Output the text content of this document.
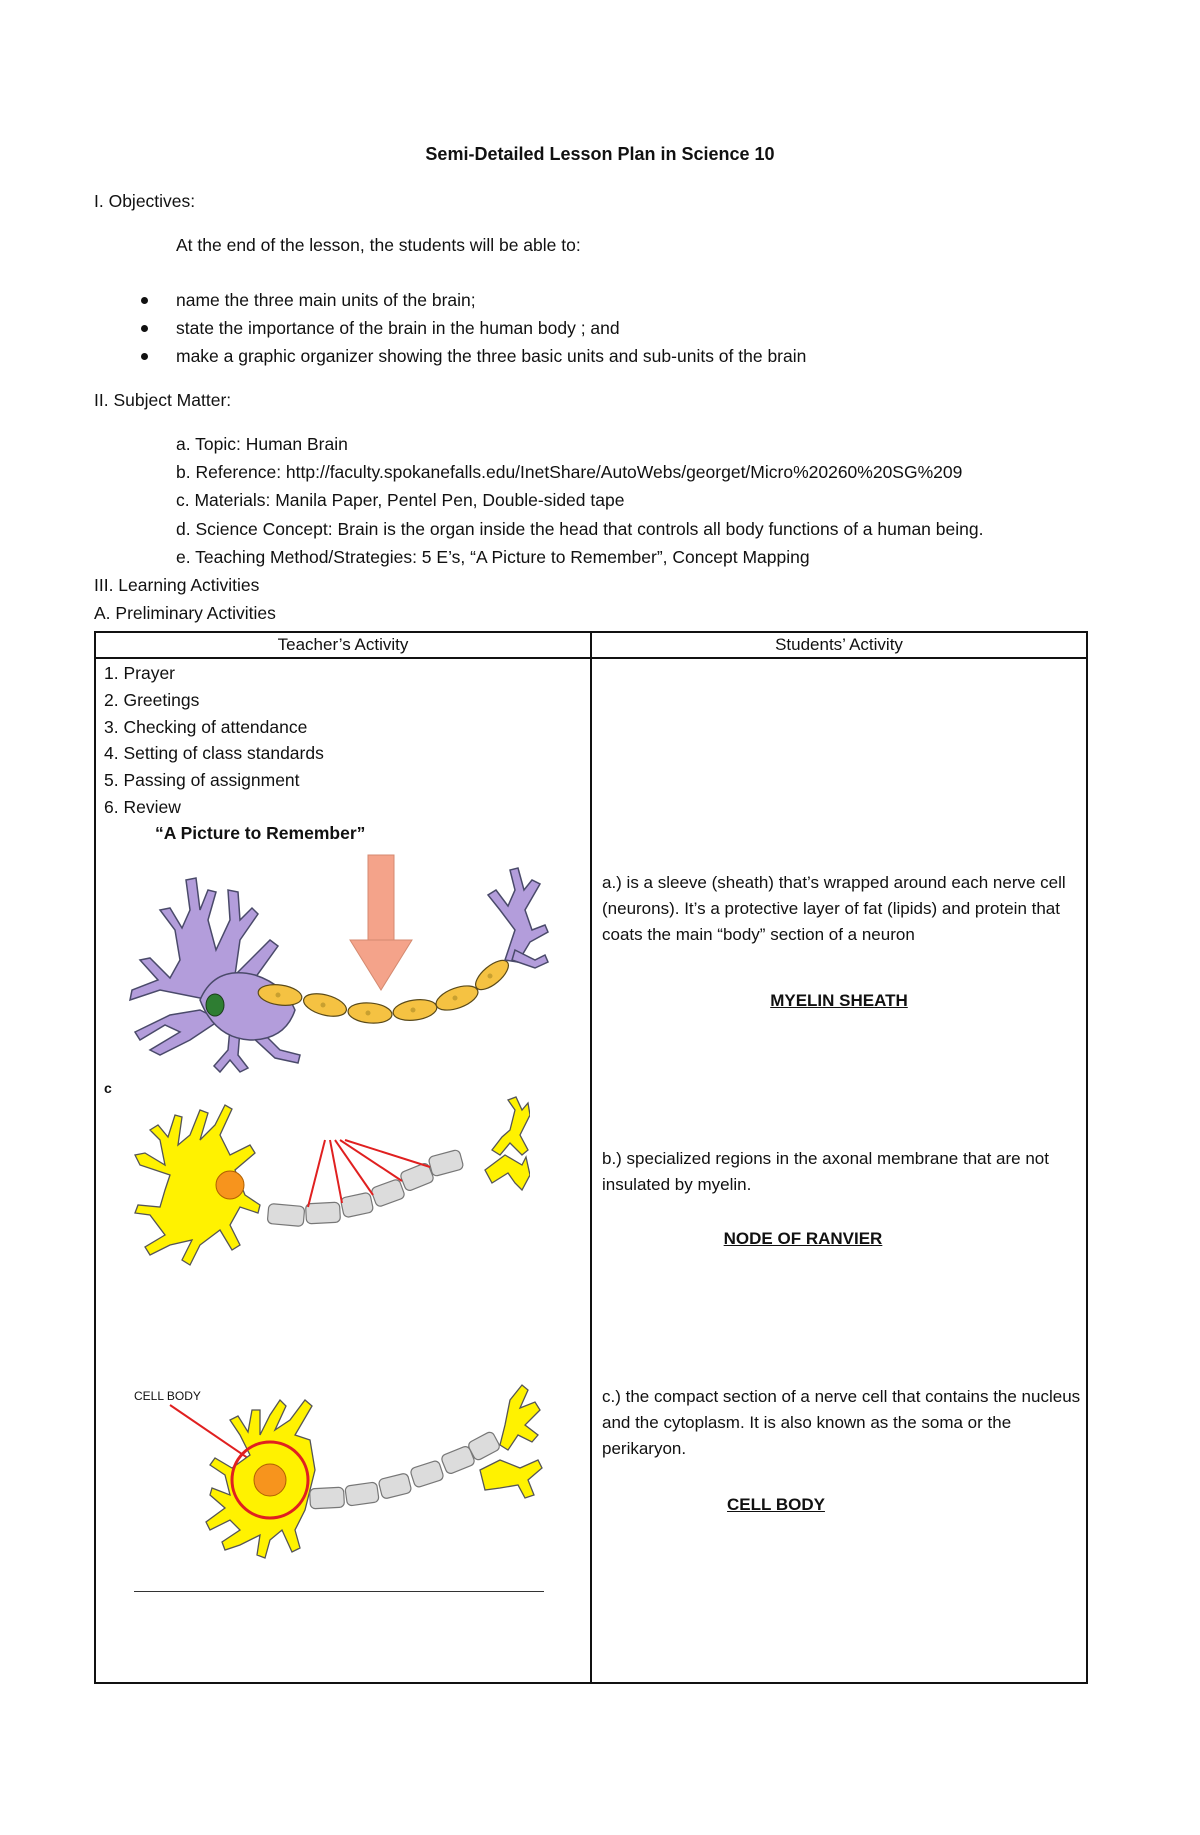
Semi-Detailed Lesson Plan in Science 10
I. Objectives:
At the end of the lesson, the students will be able to:
name the three main units of the brain;
state the importance of the brain in the human body ; and
make a graphic organizer showing the three basic units and sub-units of the brain
II. Subject Matter:
a. Topic: Human Brain
b. Reference: http://faculty.spokanefalls.edu/InetShare/AutoWebs/georget/Micro%20260%20SG%209
c. Materials: Manila Paper, Pentel Pen, Double-sided tape
d. Science Concept: Brain is the organ inside the head that controls all body functions of a human being.
e. Teaching Method/Strategies: 5 E’s, “A Picture to Remember”, Concept Mapping
III. Learning Activities
A. Preliminary Activities
Teacher’s Activity	Students’ Activity
1. Prayer
2. Greetings
3. Checking of attendance
4. Setting of class standards
5. Passing of assignment
6. Review
“A Picture to Remember”
c
CELL BODY
a.) is a sleeve (sheath) that’s wrapped around each nerve cell (neurons). It’s a protective layer of fat (lipids) and protein that coats the main “body” section of a neuron
MYELIN SHEATH
b.) specialized regions in the axonal membrane that are not insulated by myelin.
NODE OF RANVIER
c.) the compact section of a nerve cell that contains the nucleus and the cytoplasm. It is also known as the soma or the perikaryon.
CELL BODY
